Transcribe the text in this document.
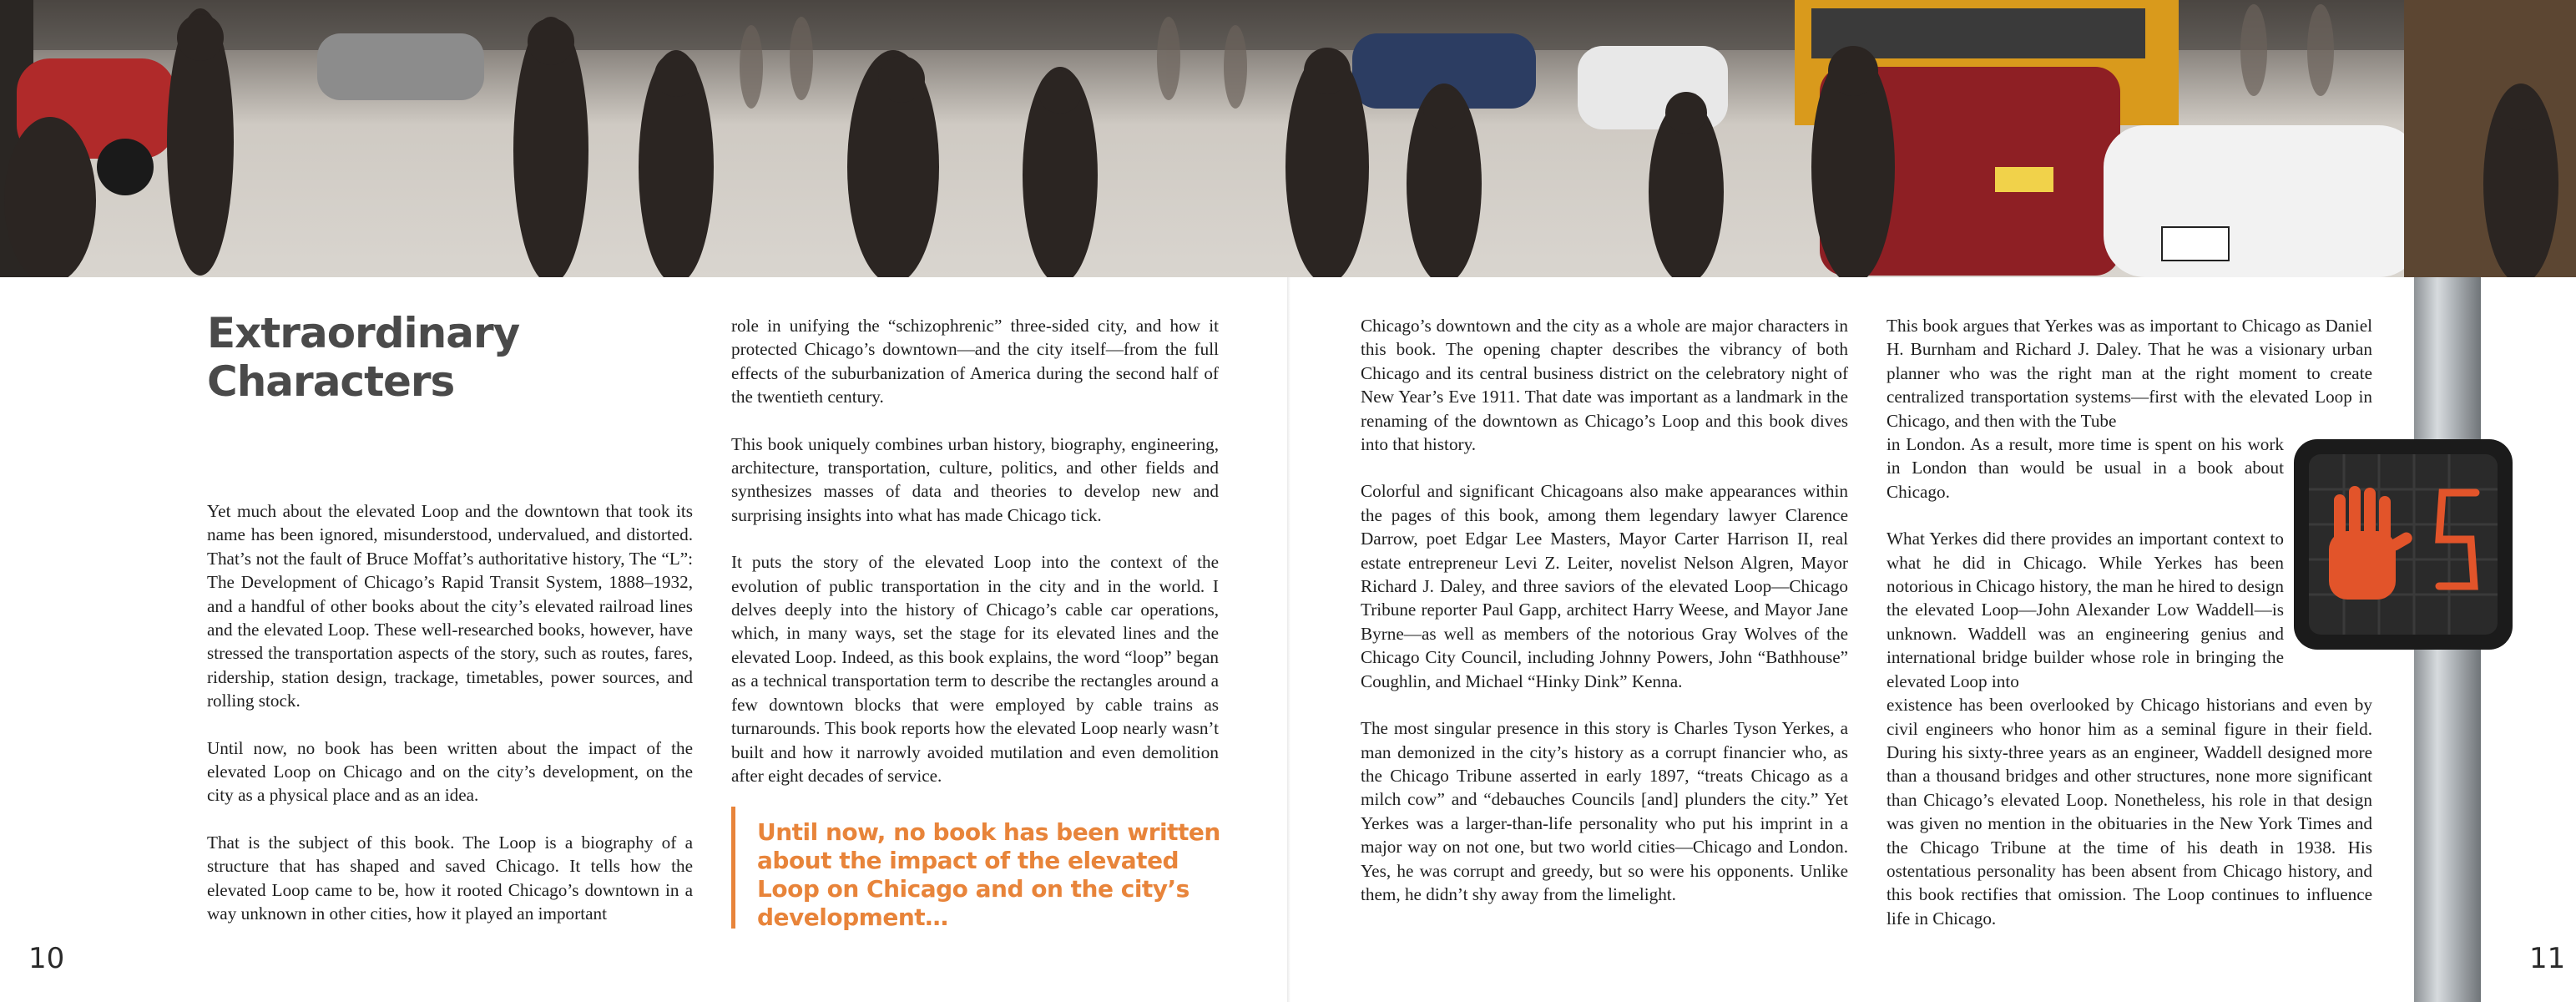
Extraordinary
Characters

Yet much about the elevated Loop and the downtown that took its name has been ignored, misunderstood, undervalued, and distorted. That’s not the fault of Bruce Moffat’s authoritative history, The “L”: The Development of Chicago’s Rapid Transit System, 1888–1932, and a handful of other books about the city’s elevated railroad lines and the elevated Loop. These well-researched books, however, have stressed the transportation aspects of the story, such as routes, fares, ridership, station design, trackage, timetables, power sources, and rolling stock.

Until now, no book has been written about the impact of the elevated Loop on Chicago and on the city’s development, on the city as a physical place and as an idea.

That is the subject of this book. The Loop is a biography of a structure that has shaped and saved Chicago. It tells how the elevated Loop came to be, how it rooted Chicago’s downtown in a way unknown in other cities, how it played an important

role in unifying the “schizophrenic” three-sided city, and how it protected Chicago’s downtown—and the city itself—from the full effects of the suburbanization of America during the second half of the twentieth century.

This book uniquely combines urban history, biography, engineering, architecture, transportation, culture, politics, and other fields and synthesizes masses of data and theories to develop new and surprising insights into what has made Chicago tick.

It puts the story of the elevated Loop into the context of the evolution of public transportation in the city and in the world. I delves deeply into the history of Chicago’s cable car operations, which, in many ways, set the stage for its elevated lines and the elevated Loop. Indeed, as this book explains, the word “loop” began as a technical transportation term to describe the rectangles around a few downtown blocks that were employed by cable trains as turnarounds. This book reports how the elevated Loop nearly wasn’t built and how it narrowly avoided mutilation and even demolition after eight decades of service.

Until now, no book has been written about the impact of the elevated Loop on Chicago and on the city’s development…
10

Chicago’s downtown and the city as a whole are major characters in this book. The opening chapter describes the vibrancy of both Chicago and its central business district on the celebratory night of New Year’s Eve 1911. That date was important as a landmark in the renaming of the downtown as Chicago’s Loop and this book dives into that history.

Colorful and significant Chicagoans also make appearances within the pages of this book, among them legendary lawyer Clarence Darrow, poet Edgar Lee Masters, Mayor Carter Harrison II, real estate entrepreneur Levi Z. Leiter, novelist Nelson Algren, Mayor Richard J. Daley, and three saviors of the elevated Loop—Chicago Tribune reporter Paul Gapp, architect Harry Weese, and Mayor Jane Byrne—as well as members of the notorious Gray Wolves of the Chicago City Council, including Johnny Powers, John “Bathhouse” Coughlin, and Michael “Hinky Dink” Kenna.

The most singular presence in this story is Charles Tyson Yerkes, a man demonized in the city’s history as a corrupt financier who, as the Chicago Tribune asserted in early 1897, “treats Chicago as a milch cow” and “debauches Councils [and] plunders the city.” Yet Yerkes was a larger-than-life personality who put his imprint in a major way on not one, but two world cities—Chicago and London. Yes, he was corrupt and greedy, but so were his opponents. Unlike them, he didn’t shy away from the limelight.

This book argues that Yerkes was as important to Chicago as Daniel H. Burnham and Richard J. Daley. That he was a visionary urban planner who was the right man at the right moment to create centralized transportation systems—first with the elevated Loop in Chicago, and then with the Tube

in London. As a result, more time is spent on his work in London than would be usual in a book about Chicago.

What Yerkes did there provides an important context to what he did in Chicago. While Yerkes has been notorious in Chicago history, the man he hired to design the elevated Loop—John Alexander Low Waddell—is unknown. Waddell was an engineering genius and international bridge builder whose role in bringing the elevated Loop into

existence has been overlooked by Chicago historians and even by civil engineers who honor him as a seminal figure in their field. During his sixty-three years as an engineer, Waddell designed more than a thousand bridges and other structures, none more significant than Chicago’s elevated Loop. Nonetheless, his role in that design was given no mention in the obituaries in the New York Times and the Chicago Tribune at the time of his death in 1938. His ostentatious personality has been absent from Chicago history, and this book rectifies that omission. The Loop continues to influence life in Chicago.

11
